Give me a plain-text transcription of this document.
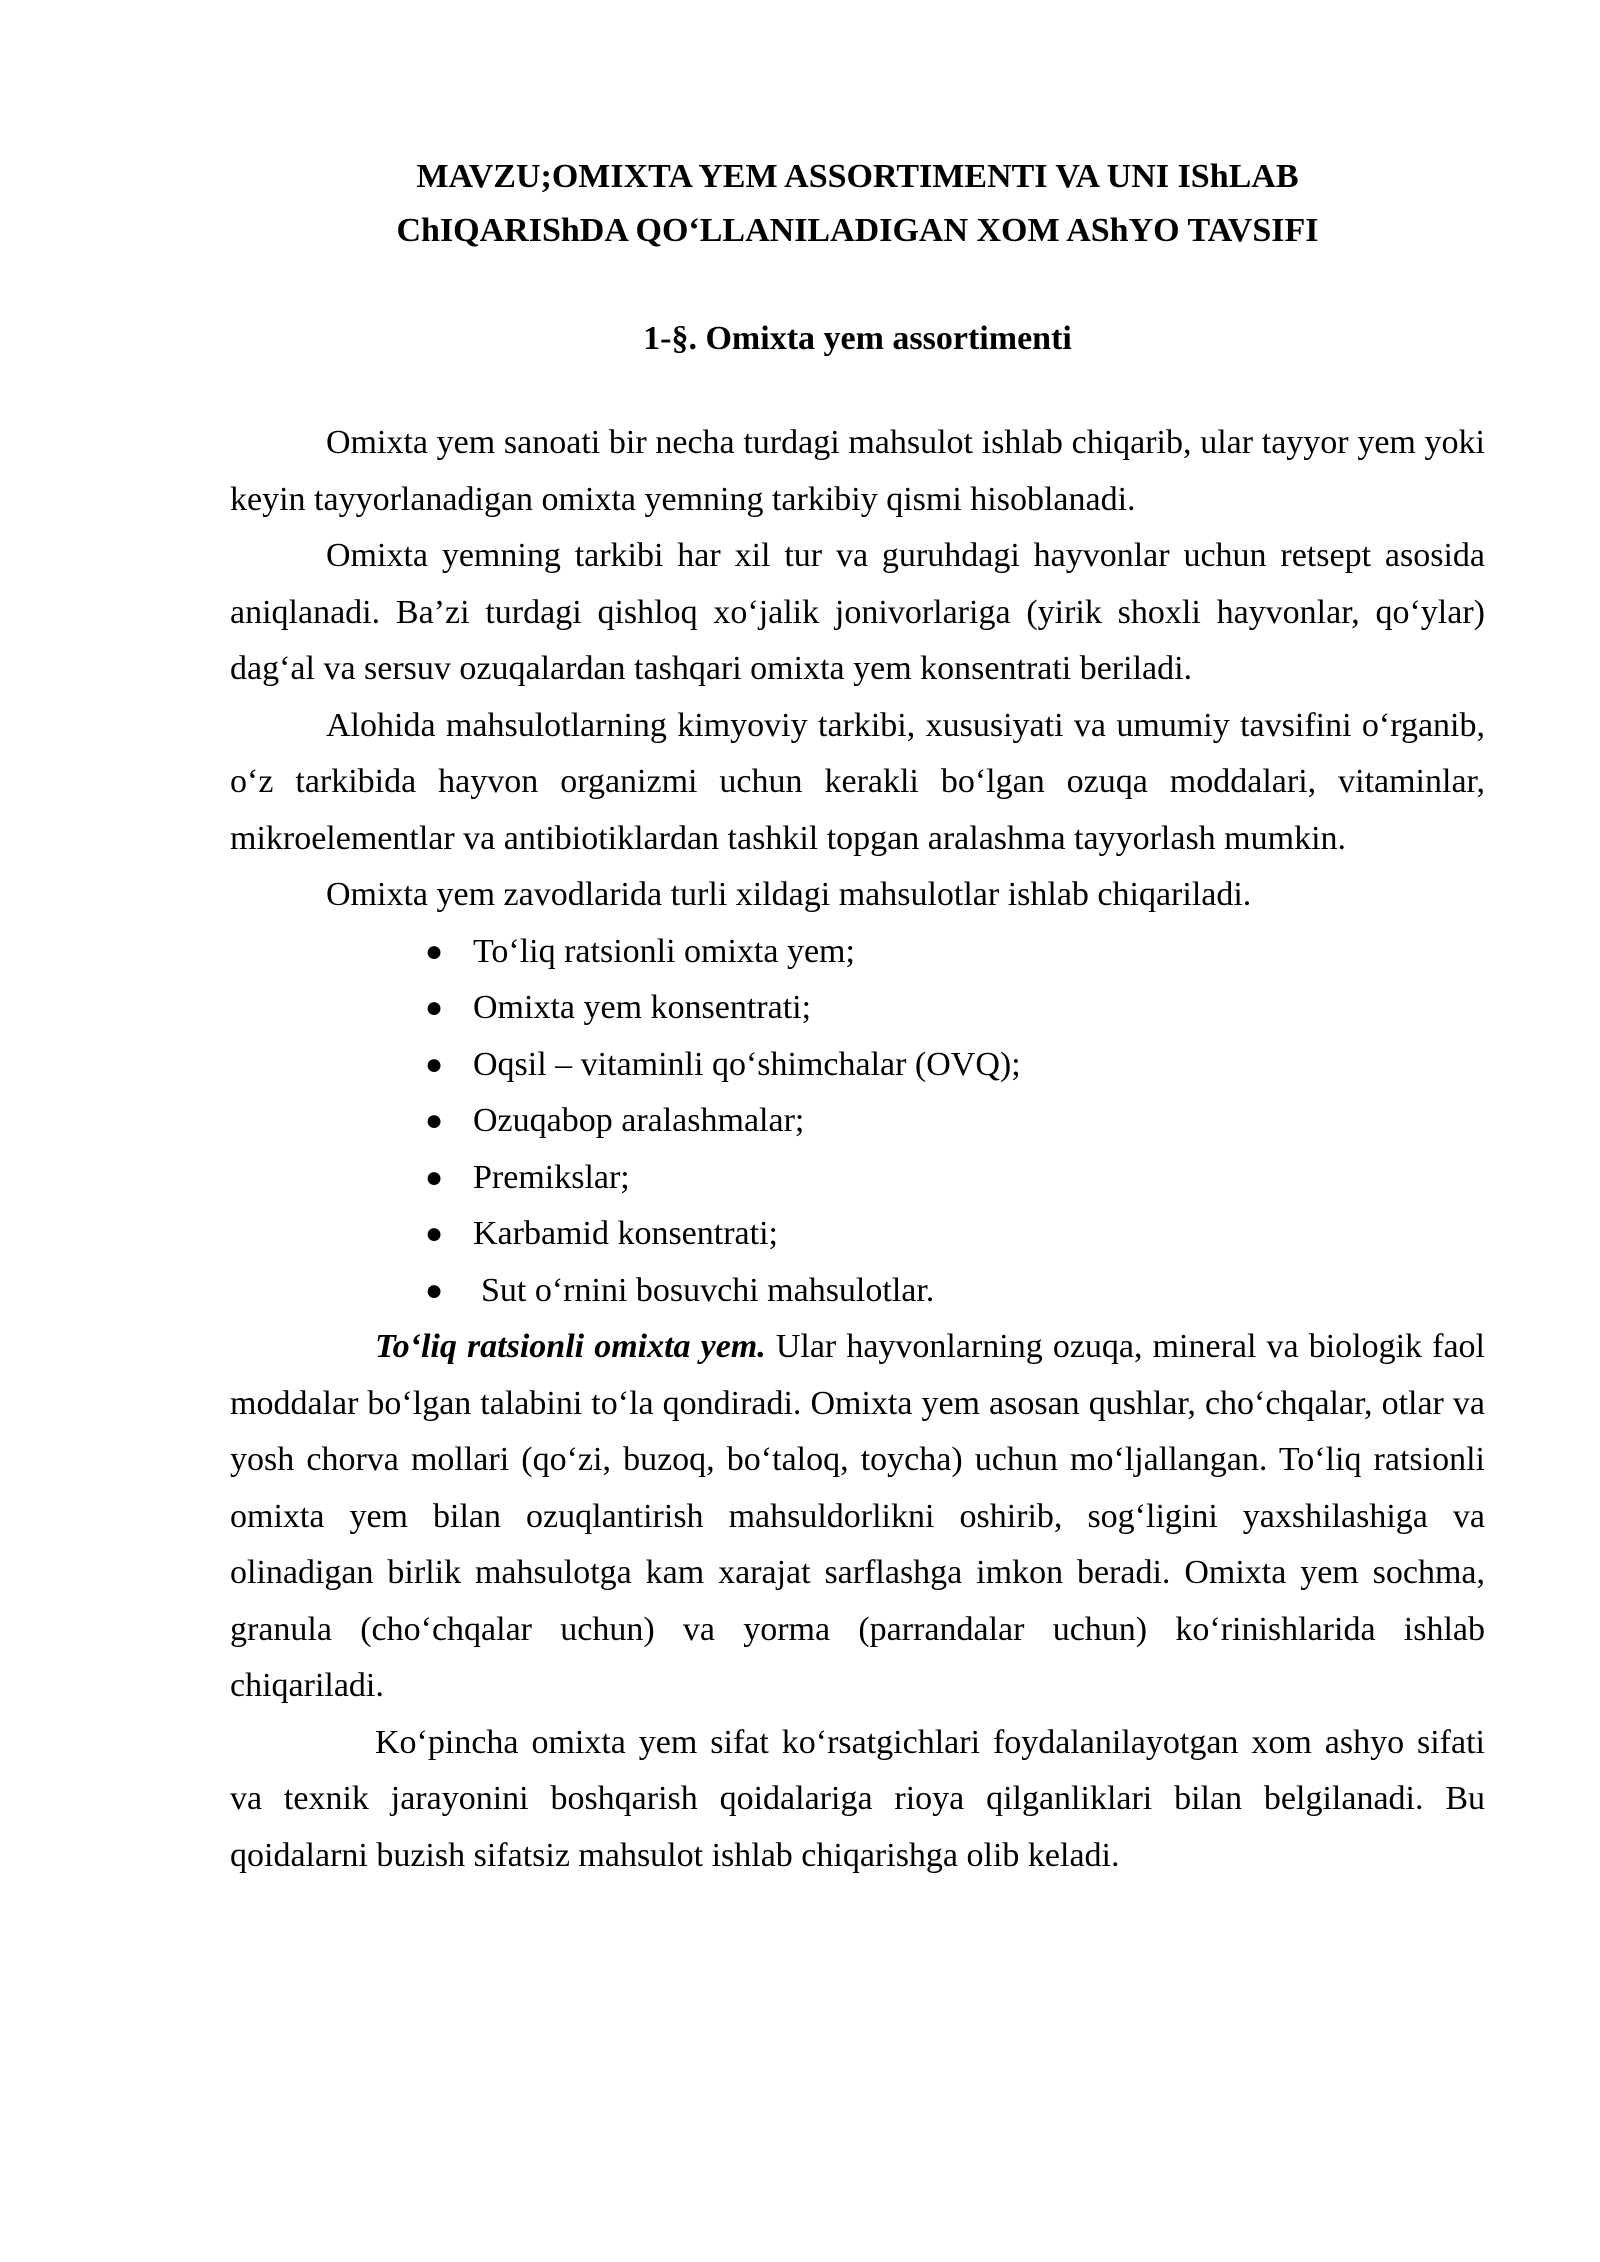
MAVZU;OMIXTA YEM ASSORTIMENTI VA UNI IShLAB
ChIQARIShDA QO‘LLANILADIGAN XOM AShYO TAVSIFI
1-§. Omixta yem assortimenti

Omixta yem sanoati bir necha turdagi mahsulot ishlab chiqarib, ular tayyor yem yoki keyin tayyorlanadigan omixta yemning tarkibiy qismi hisoblanadi.

Omixta yemning tarkibi har xil tur va guruhdagi hayvonlar uchun retsept asosida aniqlanadi. Ba’zi turdagi qishloq xo‘jalik jonivorlariga (yirik shoxli hayvonlar, qo‘ylar) dag‘al va sersuv ozuqalardan tashqari omixta yem konsentrati beriladi.

Alohida mahsulotlarning kimyoviy tarkibi, xususiyati va umumiy tavsifini o‘rganib, o‘z tarkibida hayvon organizmi uchun kerakli bo‘lgan ozuqa moddalari, vitaminlar, mikroelementlar va antibiotiklardan tashkil topgan aralashma tayyorlash mumkin.

Omixta yem zavodlarida turli xildagi mahsulotlar ishlab chiqariladi.

● To‘liq ratsionli omixta yem;
● Omixta yem konsentrati;
● Oqsil – vitaminli qo‘shimchalar (OVQ);
● Ozuqabop aralashmalar;
● Premikslar;
● Karbamid konsentrati;
●	Sut o‘rnini bosuvchi mahsulotlar.

To‘liq ratsionli omixta yem. Ular hayvonlarning ozuqa, mineral va biologik faol moddalar bo‘lgan talabini to‘la qondiradi. Omixta yem asosan qushlar, cho‘chqalar, otlar va yosh chorva mollari (qo‘zi, buzoq, bo‘taloq, toycha) uchun mo‘ljallangan. To‘liq ratsionli omixta yem bilan ozuqlantirish mahsuldorlikni oshirib, sog‘ligini yaxshilashiga va olinadigan birlik mahsulotga kam xarajat sarflashga imkon beradi. Omixta yem sochma, granula (cho‘chqalar uchun) va yorma (parrandalar uchun) ko‘rinishlarida ishlab chiqariladi.

Ko‘pincha omixta yem sifat ko‘rsatgichlari foydalanilayotgan xom ashyo sifati va texnik jarayonini boshqarish qoidalariga rioya qilganliklari bilan belgilanadi. Bu qoidalarni buzish sifatsiz mahsulot ishlab chiqarishga olib keladi.
